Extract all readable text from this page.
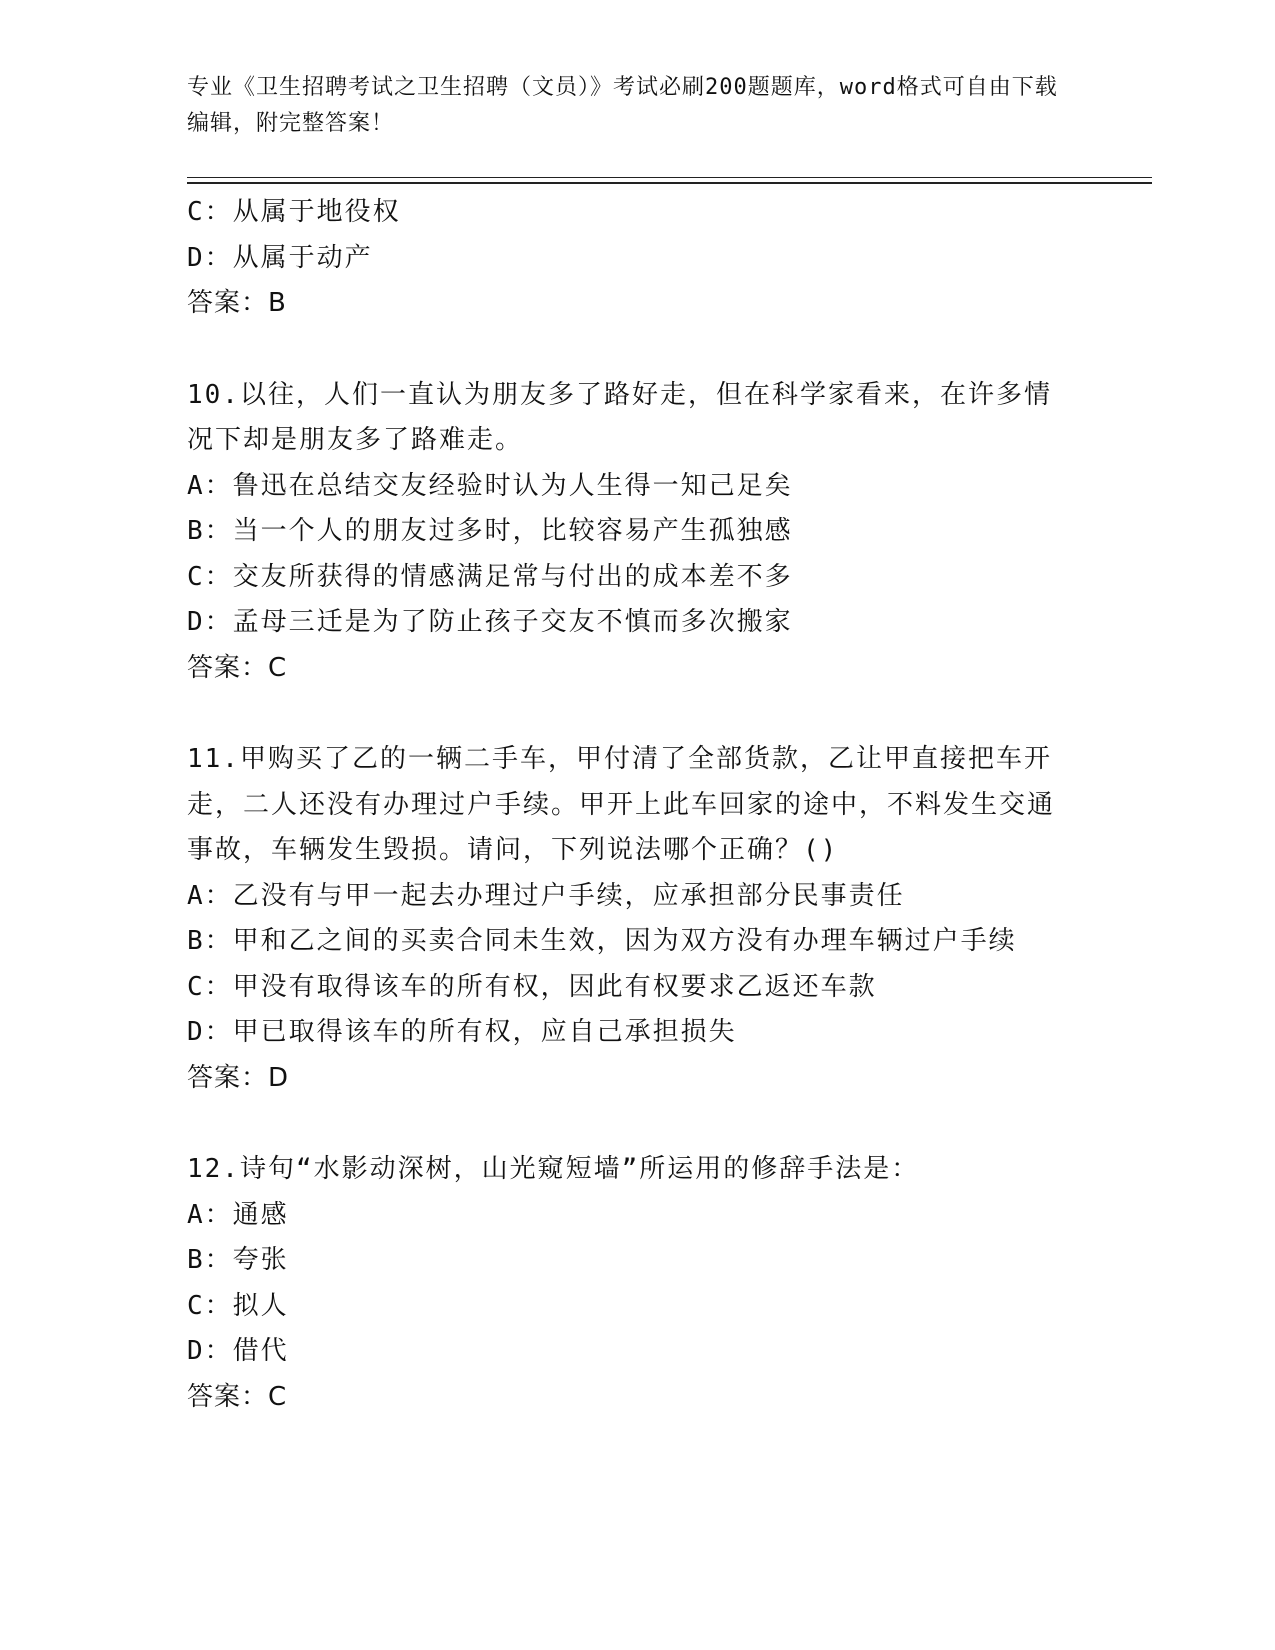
专业《卫生招聘考试之卫生招聘（文员）》考试必刷200题题库，word格式可自由下载编辑，附完整答案！
C：从属于地役权
D：从属于动产
答案：B
10.以往，人们一直认为朋友多了路好走，但在科学家看来，在许多情况下却是朋友多了路难走。
A：鲁迅在总结交友经验时认为人生得一知己足矣
B：当一个人的朋友过多时，比较容易产生孤独感
C：交友所获得的情感满足常与付出的成本差不多
D：孟母三迁是为了防止孩子交友不慎而多次搬家
答案：C
11.甲购买了乙的一辆二手车，甲付清了全部货款，乙让甲直接把车开走，二人还没有办理过户手续。甲开上此车回家的途中，不料发生交通事故，车辆发生毁损。请问，下列说法哪个正确？()
A：乙没有与甲一起去办理过户手续，应承担部分民事责任
B：甲和乙之间的买卖合同未生效，因为双方没有办理车辆过户手续
C：甲没有取得该车的所有权，因此有权要求乙返还车款
D：甲已取得该车的所有权，应自己承担损失
答案：D
12.诗句“水影动深树，山光窥短墙”所运用的修辞手法是：
A：通感
B：夸张
C：拟人
D：借代
答案：C
